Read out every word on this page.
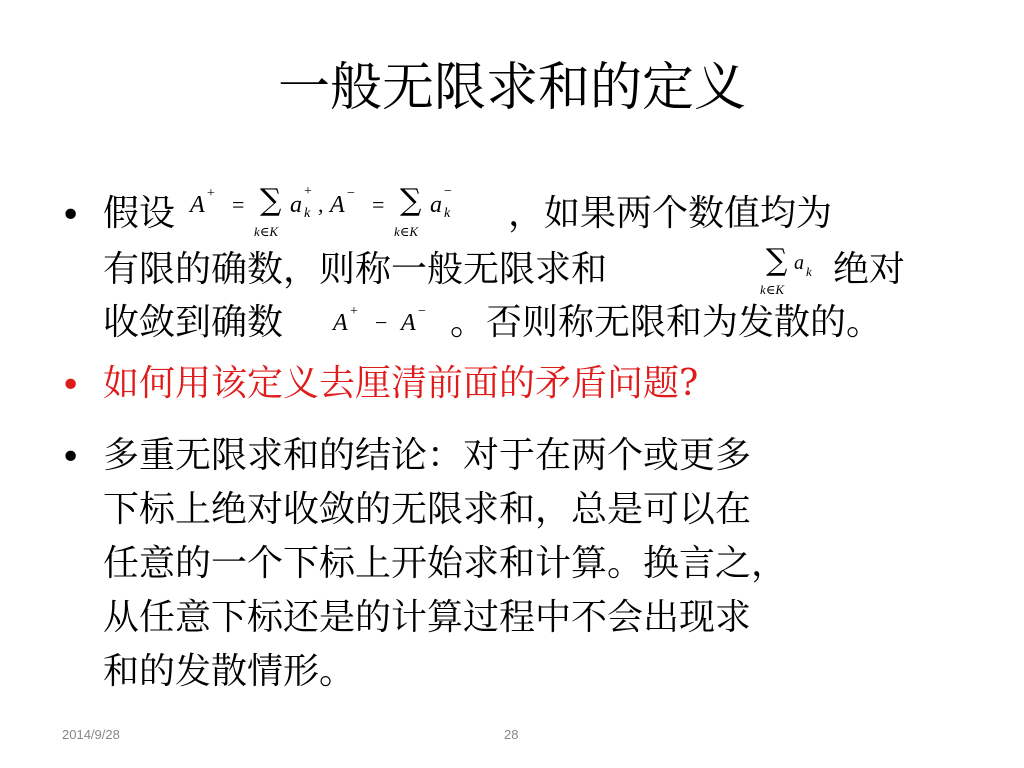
一般无限求和的定义
• 假设 A + = ∑
k∈K
a
+
k , A − = ∑
k∈K
a
−
k ，如果两个数值均为
有限的确数，则称一般无限求和	∑
k∈K
a k 绝对
收敛到确数 A + − A − 。否则称无限和为发散的。
• 如何用该定义去厘清前面的矛盾问题?
• 多重无限求和的结论：对于在两个或更多
下标上绝对收敛的无限求和，总是可以在
任意的一个下标上开始求和计算。换言之，
从任意下标还是的计算过程中不会出现求
和的发散情形。
2014/9/28	28
